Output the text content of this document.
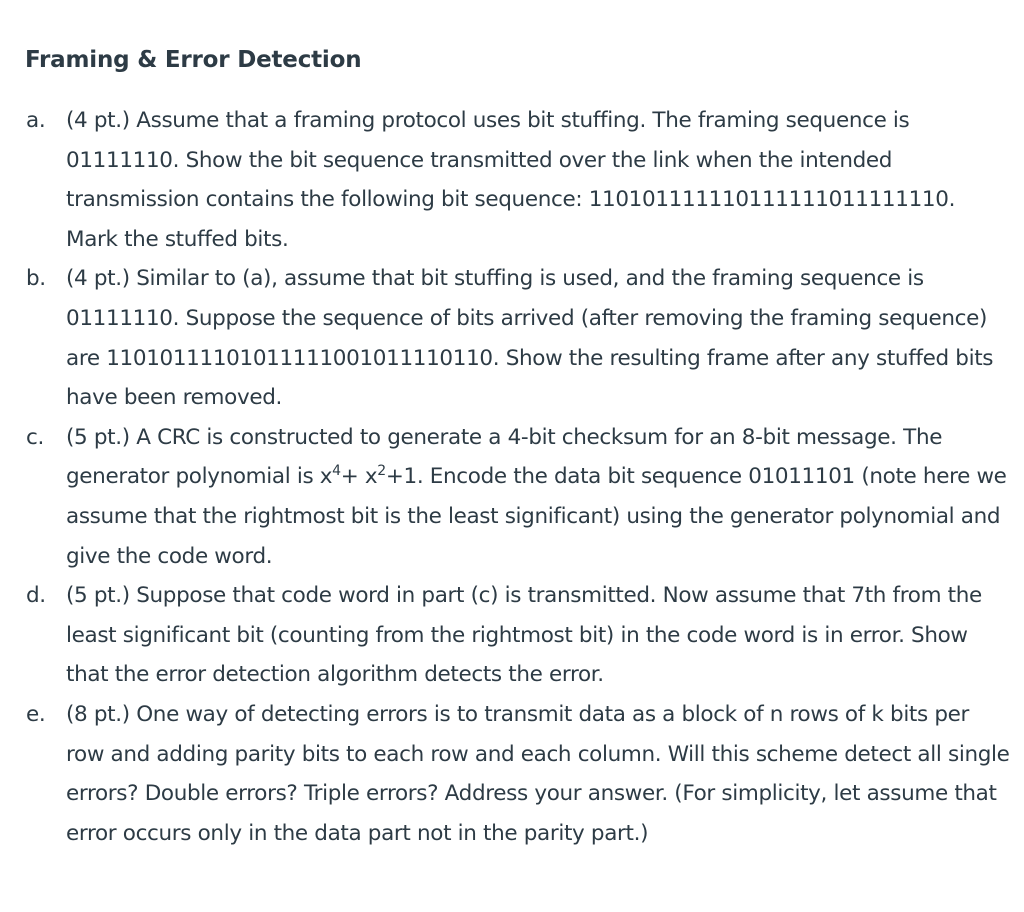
Framing & Error Detection
a. (4 pt.) Assume that a framing protocol uses bit stuffing. The framing sequence is 01111110. Show the bit sequence transmitted over the link when the intended transmission contains the following bit sequence: 110101111110111111011111110. Mark the stuffed bits.
b. (4 pt.) Similar to (a), assume that bit stuffing is used, and the framing sequence is 01111110. Suppose the sequence of bits arrived (after removing the framing sequence) are 11010111101011111001011110110. Show the resulting frame after any stuffed bits have been removed.
c. (5 pt.) A CRC is constructed to generate a 4-bit checksum for an 8-bit message. The generator polynomial is $x^4+ x^2+1$. Encode the data bit sequence 01011101 (note here we assume that the rightmost bit is the least significant) using the generator polynomial and give the code word.
d. (5 pt.) Suppose that code word in part (c) is transmitted. Now assume that 7th from the least significant bit (counting from the rightmost bit) in the code word is in error. Show that the error detection algorithm detects the error.
e. (8 pt.) One way of detecting errors is to transmit data as a block of n rows of k bits per row and adding parity bits to each row and each column. Will this scheme detect all single errors? Double errors? Triple errors? Address your answer. (For simplicity, let assume that error occurs only in the data part not in the parity part.)
